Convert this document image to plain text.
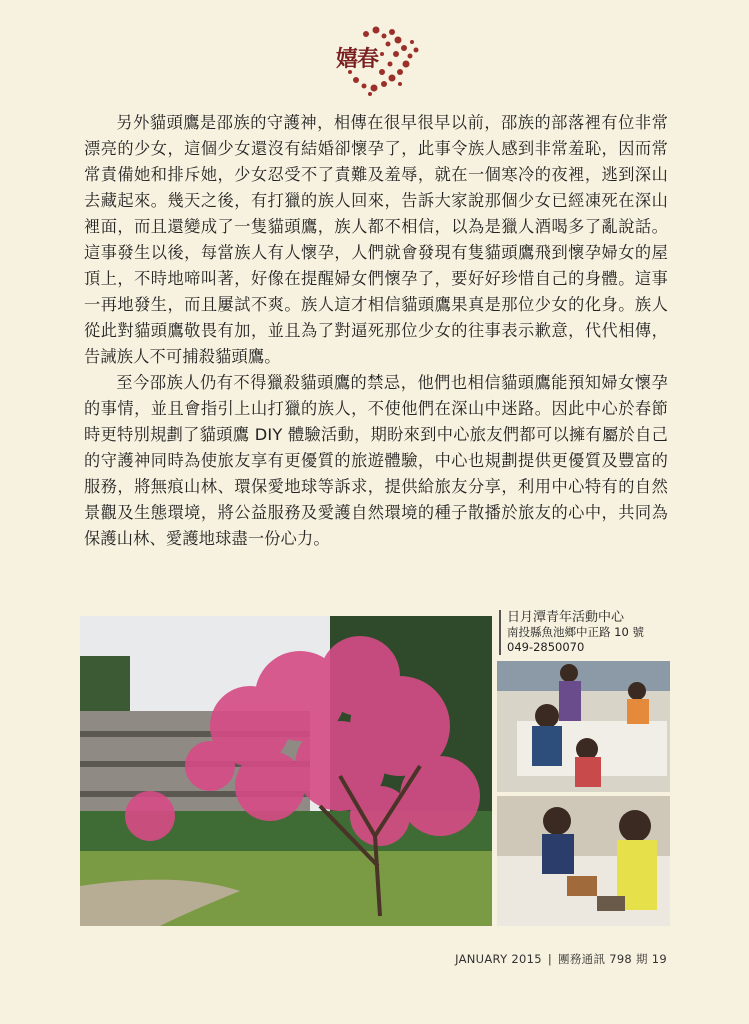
嬉春

另外貓頭鷹是邵族的守護神，相傳在很早很早以前，邵族的部落裡有位非常漂亮的少女，這個少女還沒有結婚卻懷孕了，此事令族人感到非常羞恥，因而常常責備她和排斥她，少女忍受不了責難及羞辱，就在一個寒冷的夜裡，逃到深山去藏起來。幾天之後，有打獵的族人回來，告訴大家說那個少女已經凍死在深山裡面，而且還變成了一隻貓頭鷹，族人都不相信，以為是獵人酒喝多了亂說話。這事發生以後，每當族人有人懷孕，人們就會發現有隻貓頭鷹飛到懷孕婦女的屋頂上，不時地啼叫著，好像在提醒婦女們懷孕了，要好好珍惜自己的身體。這事一再地發生，而且屢試不爽。族人這才相信貓頭鷹果真是那位少女的化身。族人從此對貓頭鷹敬畏有加，並且為了對逼死那位少女的往事表示歉意，代代相傳，告誡族人不可捕殺貓頭鷹。

至今邵族人仍有不得獵殺貓頭鷹的禁忌，他們也相信貓頭鷹能預知婦女懷孕的事情，並且會指引上山打獵的族人，不使他們在深山中迷路。因此中心於春節時更特別規劃了貓頭鷹 DIY 體驗活動，期盼來到中心旅友們都可以擁有屬於自己的守護神同時為使旅友享有更優質的旅遊體驗，中心也規劃提供更優質及豐富的服務，將無痕山林、環保愛地球等訴求，提供給旅友分享，利用中心特有的自然景觀及生態環境，將公益服務及愛護自然環境的種子散播於旅友的心中，共同為保護山林、愛護地球盡一份心力。

日月潭青年活動中心
南投縣魚池鄉中正路 10 號
049-2850070
JANUARY 2015 | 團務通訊 798 期 19
